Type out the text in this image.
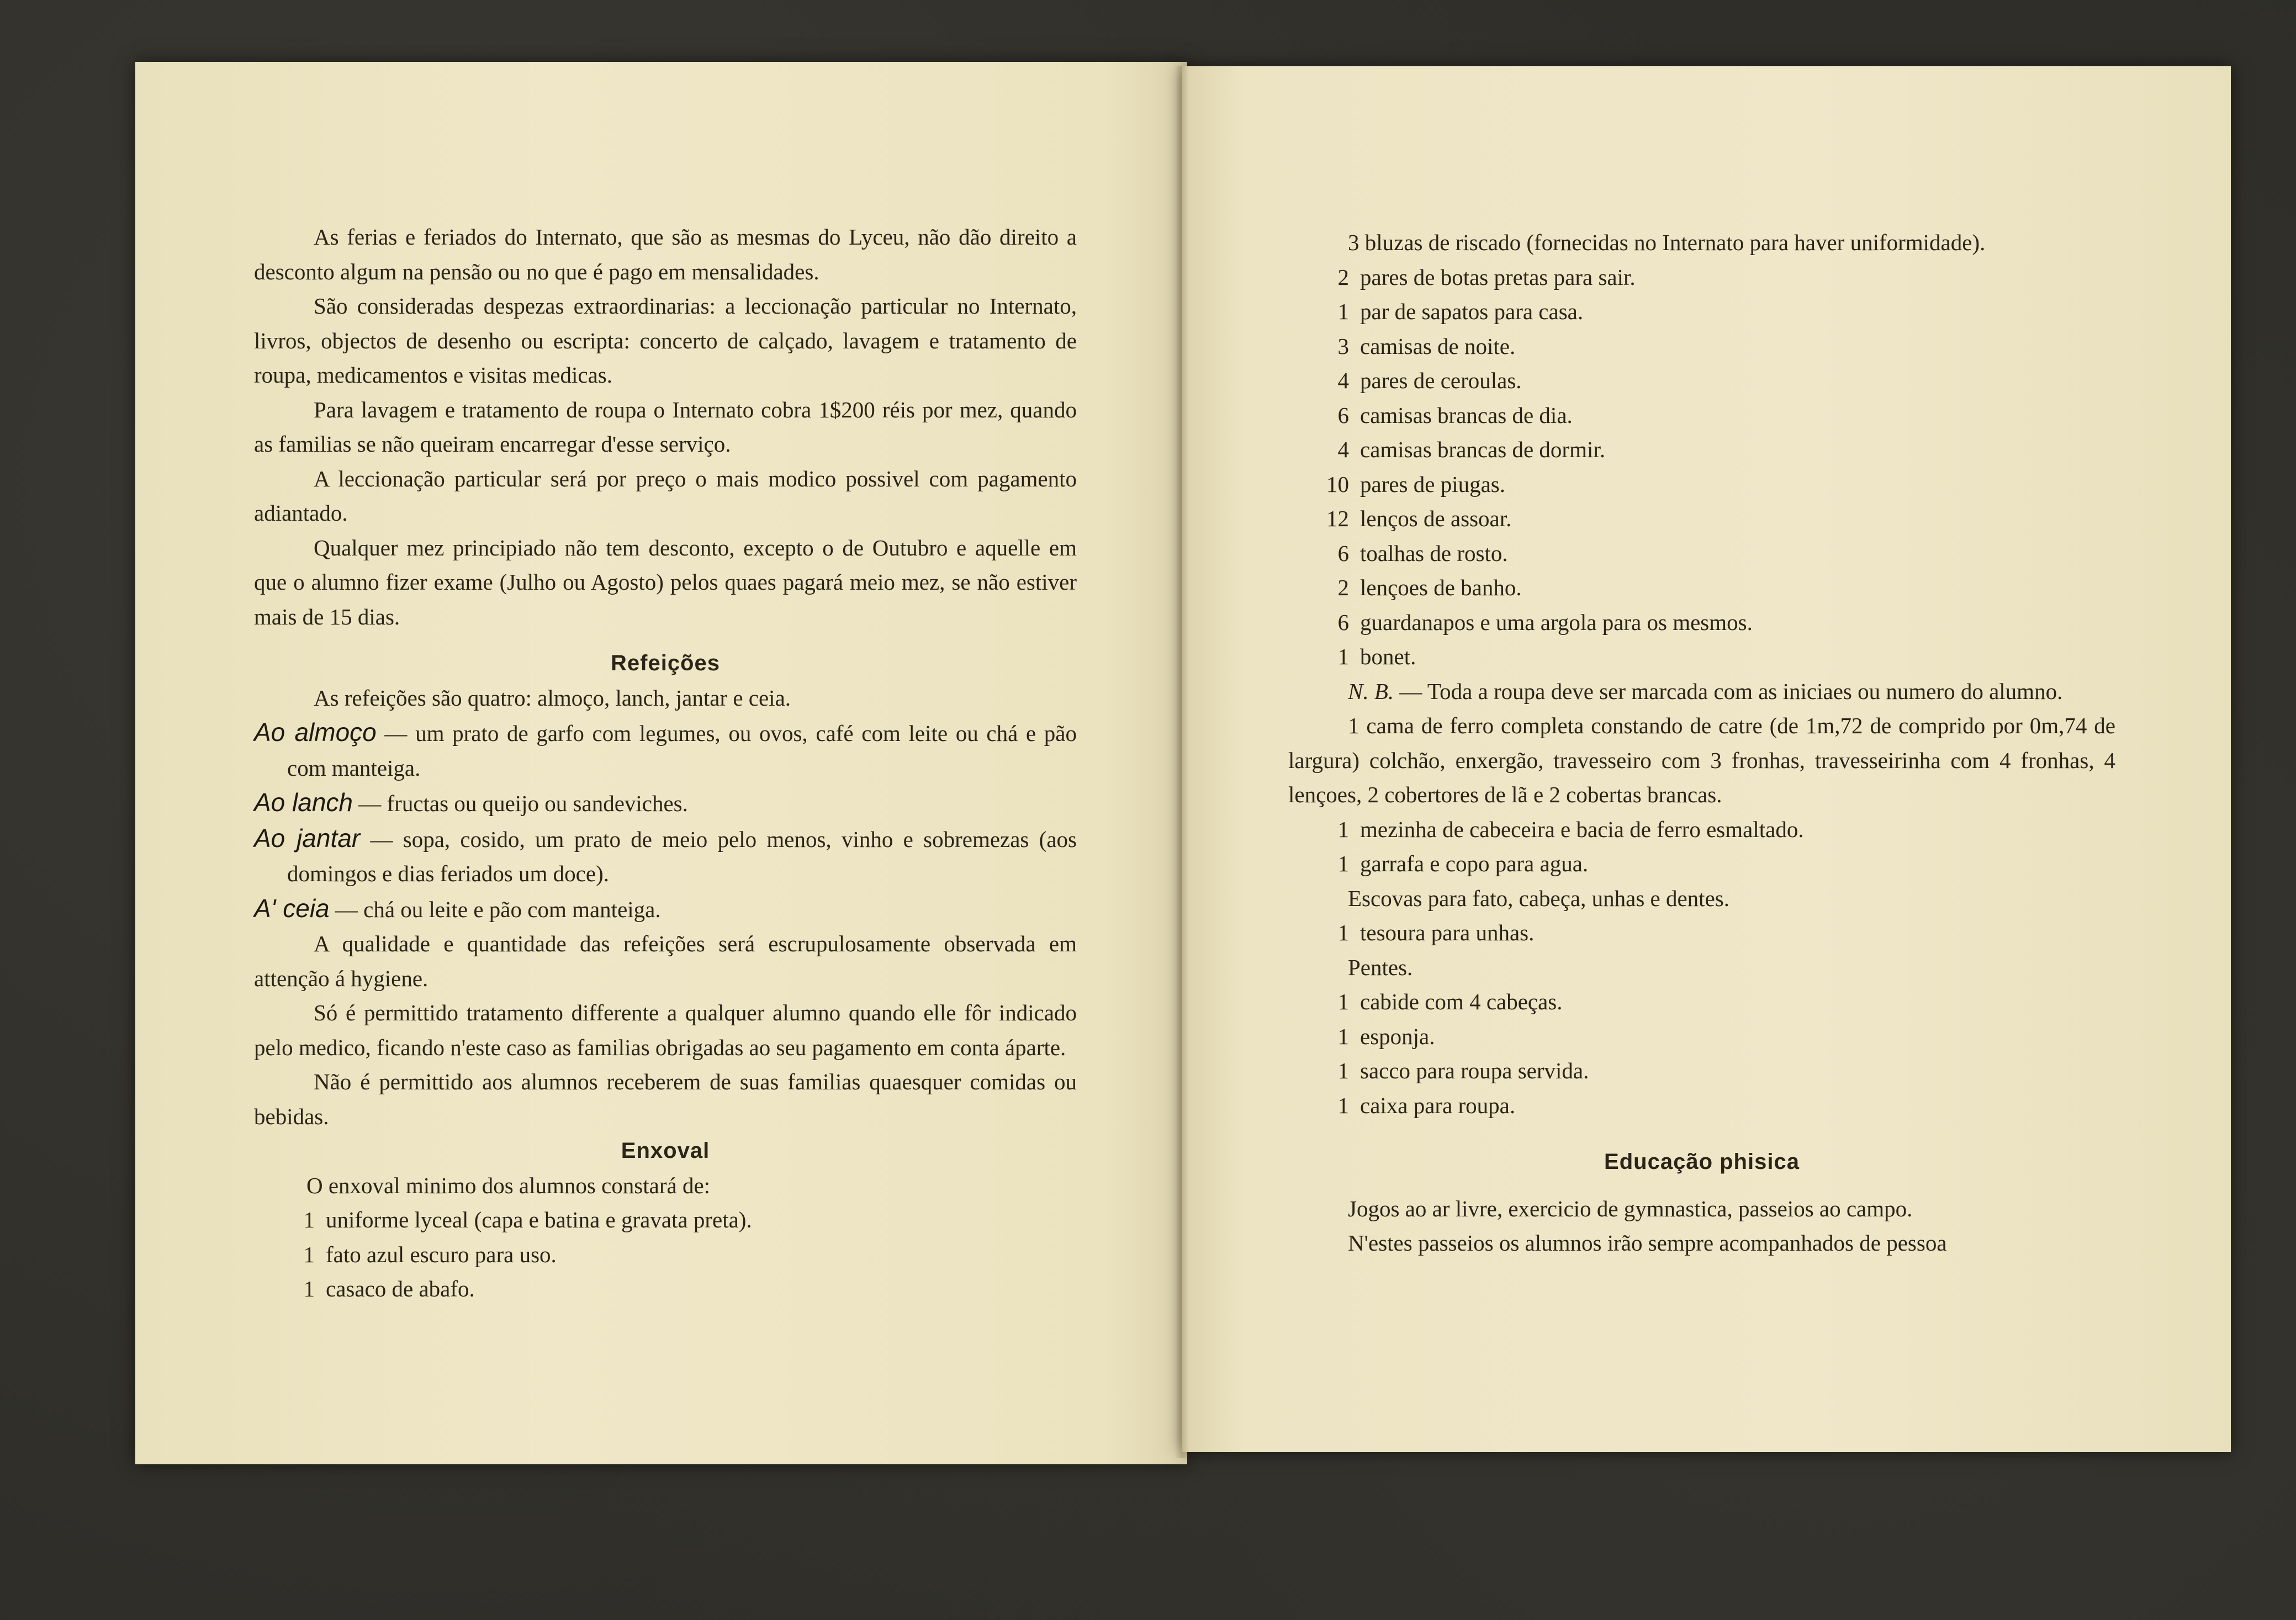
As ferias e feriados do Internato, que são as mesmas do Lyceu, não dão direito a desconto algum na pensão ou no que é pago em mensalidades.

São consideradas despezas extraordinarias: a leccionação particular no Internato, livros, objectos de desenho ou escripta: concerto de calçado, lavagem e tratamento de roupa, medicamentos e visitas medicas.

Para lavagem e tratamento de roupa o Internato cobra 1$200 réis por mez, quando as familias se não queiram encarregar d'esse serviço.

A leccionação particular será por preço o mais modico possivel com pagamento adiantado.

Qualquer mez principiado não tem desconto, excepto o de Outubro e aquelle em que o alumno fizer exame (Julho ou Agosto) pelos quaes pagará meio mez, se não estiver mais de 15 dias.

Refeições

As refeições são quatro: almoço, lanch, jantar e ceia.

Ao almoço — um prato de garfo com legumes, ou ovos, café com leite ou chá e pão com manteiga.

Ao lanch — fructas ou queijo ou sandeviches.

Ao jantar — sopa, cosido, um prato de meio pelo menos, vinho e sobremezas (aos domingos e dias feriados um doce).

A' ceia — chá ou leite e pão com manteiga.

A qualidade e quantidade das refeições será escrupulosamente observada em attenção á hygiene.

Só é permittido tratamento differente a qualquer alumno quando elle fôr indicado pelo medico, ficando n'este caso as familias obrigadas ao seu pagamento em conta áparte.

Não é permittido aos alumnos receberem de suas familias quaesquer comidas ou bebidas.

Enxoval

O enxoval minimo dos alumnos constará de:

1 uniforme lyceal (capa e batina e gravata preta).

1 fato azul escuro para uso.

1 casaco de abafo.

3 bluzas de riscado (fornecidas no Internato para haver uniformidade).

2 pares de botas pretas para sair.

1 par de sapatos para casa.

3 camisas de noite.

4 pares de ceroulas.

6 camisas brancas de dia.

4 camisas brancas de dormir.

10 pares de piugas.

12 lenços de assoar.

6 toalhas de rosto.

2 lençoes de banho.

6 guardanapos e uma argola para os mesmos.

1 bonet.

N. B. — Toda a roupa deve ser marcada com as iniciaes ou numero do alumno.

1 cama de ferro completa constando de catre (de 1m,72 de comprido por 0m,74 de largura) colchão, enxergão, travesseiro com 3 fronhas, travesseirinha com 4 fronhas, 4 lençoes, 2 cobertores de lã e 2 cobertas brancas.

1 mezinha de cabeceira e bacia de ferro esmaltado.

1 garrafa e copo para agua.

Escovas para fato, cabeça, unhas e dentes.

1 tesoura para unhas.

Pentes.

1 cabide com 4 cabeças.

1 esponja.

1 sacco para roupa servida.

1 caixa para roupa.

Educação phisica

Jogos ao ar livre, exercicio de gymnastica, passeios ao campo.

N'estes passeios os alumnos irão sempre acompanhados de pessoa
